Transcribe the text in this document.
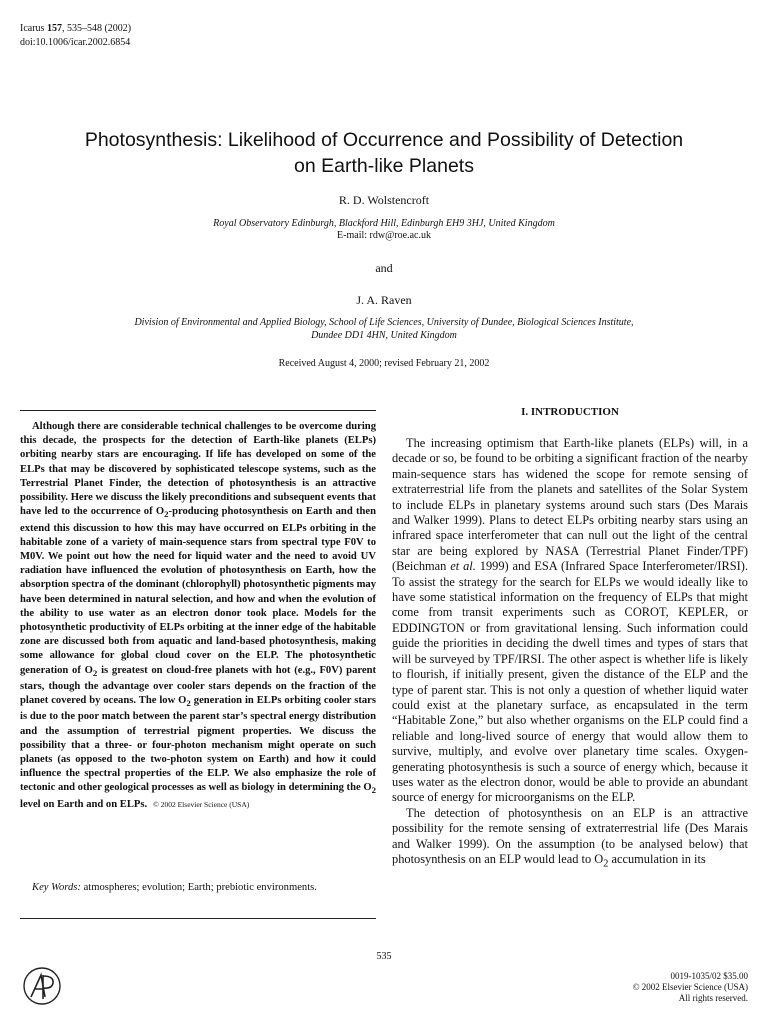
Icarus 157, 535–548 (2002)
doi:10.1006/icar.2002.6854
Photosynthesis: Likelihood of Occurrence and Possibility of Detection
on Earth-like Planets
R. D. Wolstencroft
Royal Observatory Edinburgh, Blackford Hill, Edinburgh EH9 3HJ, United Kingdom
E-mail: rdw@roe.ac.uk
and
J. A. Raven
Division of Environmental and Applied Biology, School of Life Sciences, University of Dundee, Biological Sciences Institute,
Dundee DD1 4HN, United Kingdom
Received August 4, 2000; revised February 21, 2002
Although there are considerable technical challenges to be overcome during this decade, the prospects for the detection of Earth-like planets (ELPs) orbiting nearby stars are encouraging. If life has developed on some of the ELPs that may be discovered by sophisticated telescope systems, such as the Terrestrial Planet Finder, the detection of photosynthesis is an attractive possibility. Here we discuss the likely preconditions and subsequent events that have led to the occurrence of $O_2$-producing photosynthesis on Earth and then extend this discussion to how this may have occurred on ELPs orbiting in the habitable zone of a variety of main-sequence stars from spectral type F0V to M0V. We point out how the need for liquid water and the need to avoid UV radiation have influenced the evolution of photosynthesis on Earth, how the absorption spectra of the dominant (chlorophyll) photosynthetic pigments may have been determined in natural selection, and how and when the evolution of the ability to use water as an electron donor took place. Models for the photosynthetic productivity of ELPs orbiting at the inner edge of the habitable zone are discussed both from aquatic and land-based photosynthesis, making some allowance for global cloud cover on the ELP. The photosynthetic generation of $O_2$ is greatest on cloud-free planets with hot (e.g., F0V) parent stars, though the advantage over cooler stars depends on the fraction of the planet covered by oceans. The low $O_2$ generation in ELPs orbiting cooler stars is due to the poor match between the parent star’s spectral energy distribution and the assumption of terrestrial pigment properties. We discuss the possibility that a three- or four-photon mechanism might operate on such planets (as opposed to the two-photon system on Earth) and how it could influence the spectral properties of the ELP. We also emphasize the role of tectonic and other geological processes as well as biology in determining the $O_2$ level on Earth and on ELPs. © 2002 Elsevier Science (USA)
Key Words: atmospheres; evolution; Earth; prebiotic environments.
I. INTRODUCTION

The increasing optimism that Earth-like planets (ELPs) will, in a decade or so, be found to be orbiting a significant fraction of the nearby main-sequence stars has widened the scope for remote sensing of extraterrestrial life from the planets and satellites of the Solar System to include ELPs in planetary systems around such stars (Des Marais and Walker 1999). Plans to detect ELPs orbiting nearby stars using an infrared space interferometer that can null out the light of the central star are being explored by NASA (Terrestrial Planet Finder/TPF) (Beichman et al. 1999) and ESA (Infrared Space Interferometer/IRSI). To assist the strategy for the search for ELPs we would ideally like to have some statistical information on the frequency of ELPs that might come from transit experiments such as COROT, KEPLER, or EDDINGTON or from gravitational lensing. Such information could guide the priorities in deciding the dwell times and types of stars that will be surveyed by TPF/IRSI. The other aspect is whether life is likely to flourish, if initially present, given the distance of the ELP and the type of parent star. This is not only a question of whether liquid water could exist at the planetary surface, as encapsulated in the term “Habitable Zone,” but also whether organisms on the ELP could find a reliable and long-lived source of energy that would allow them to survive, multiply, and evolve over planetary time scales. Oxygen-generating photosynthesis is such a source of energy which, because it uses water as the electron donor, would be able to provide an abundant source of energy for microorganisms on the ELP.

The detection of photosynthesis on an ELP is an attractive possibility for the remote sensing of extraterrestrial life (Des Marais and Walker 1999). On the assumption (to be analysed below) that photosynthesis on an ELP would lead to $O_2$ accumulation in its

535
0019-1035/02 $35.00
© 2002 Elsevier Science (USA)
All rights reserved.
